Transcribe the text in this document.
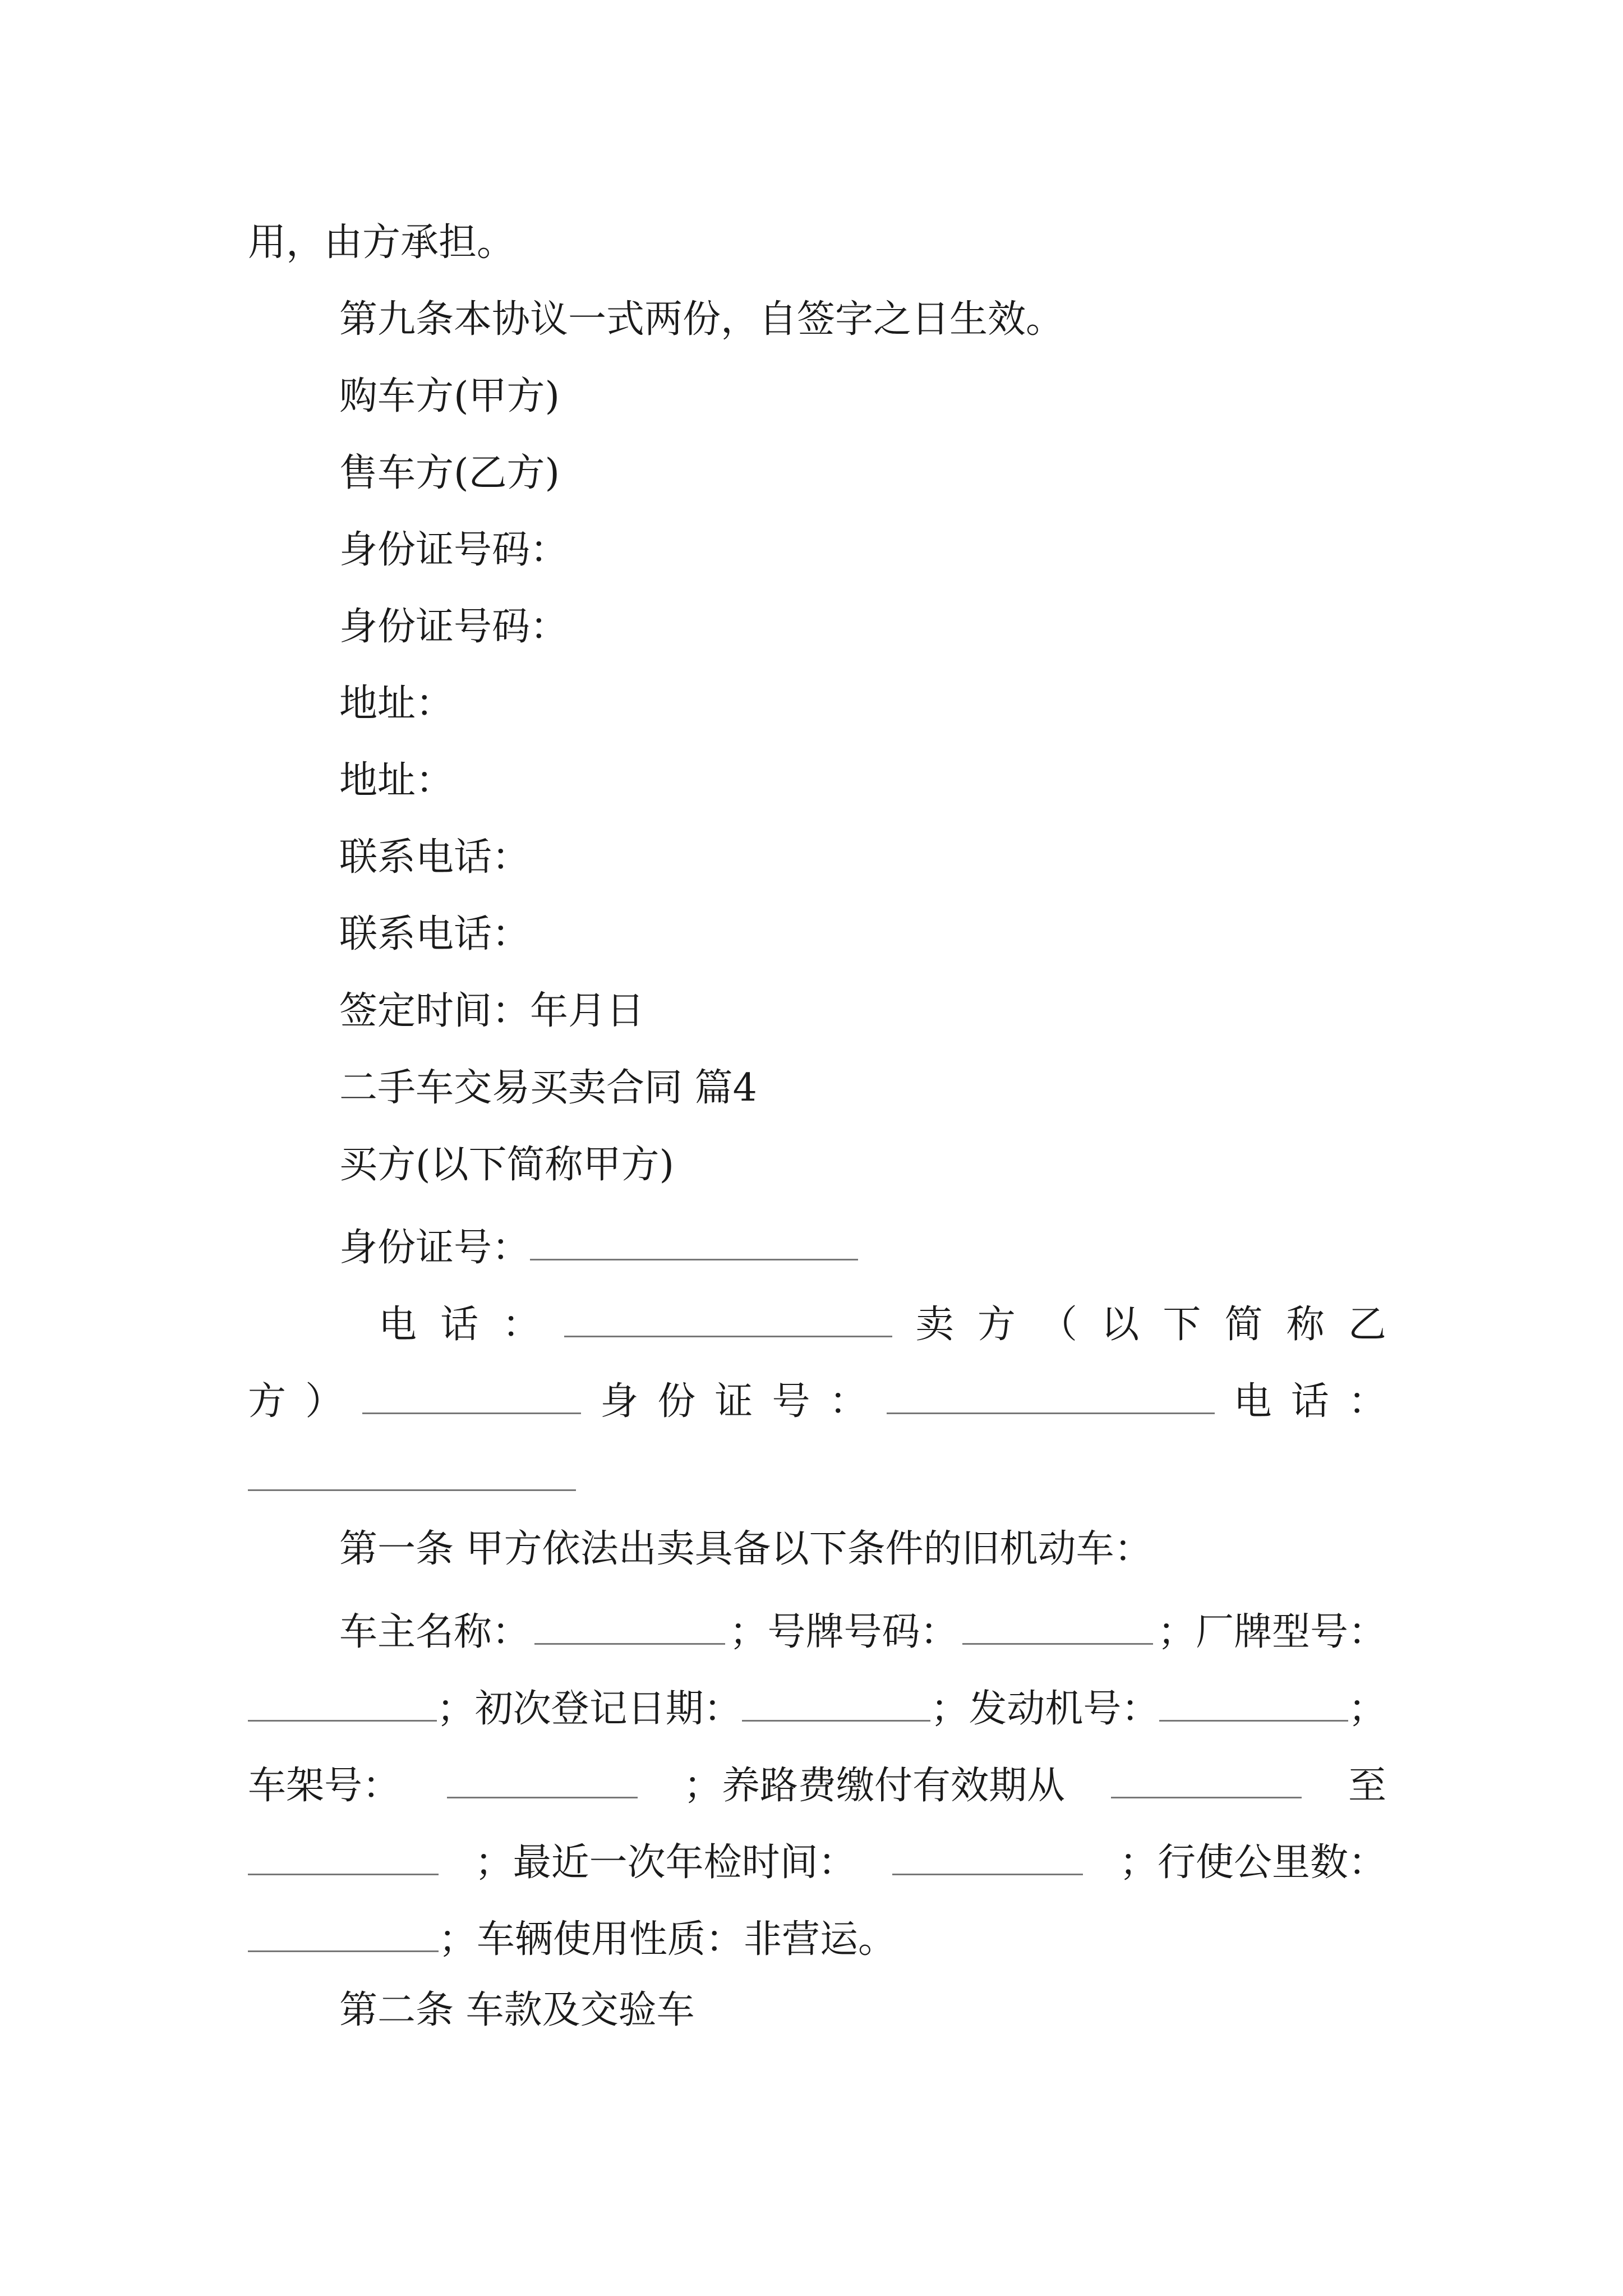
用，由方承担。
第九条本协议一式两份，自签字之日生效。
购车方(甲方)
售车方(乙方)
身份证号码：
身份证号码：
地址：
地址：
联系电话：
联系电话：
签定时间：年月日
二手车交易买卖合同 篇4
买方(以下简称甲方)
身份证号：
电 话 ：	卖 方 （ 以 下 简 称 乙
方 ）	身 份 证 号 ：	电 话 ：
第一条 甲方依法出卖具备以下条件的旧机动车：
车主名称：	；号牌号码：	；厂牌型号：
；初次登记日期：	；发动机号：	；
车架号：	；养路费缴付有效期从	至
；最近一次年检时间：	；行使公里数：
；车辆使用性质：非营运。
第二条 车款及交验车
